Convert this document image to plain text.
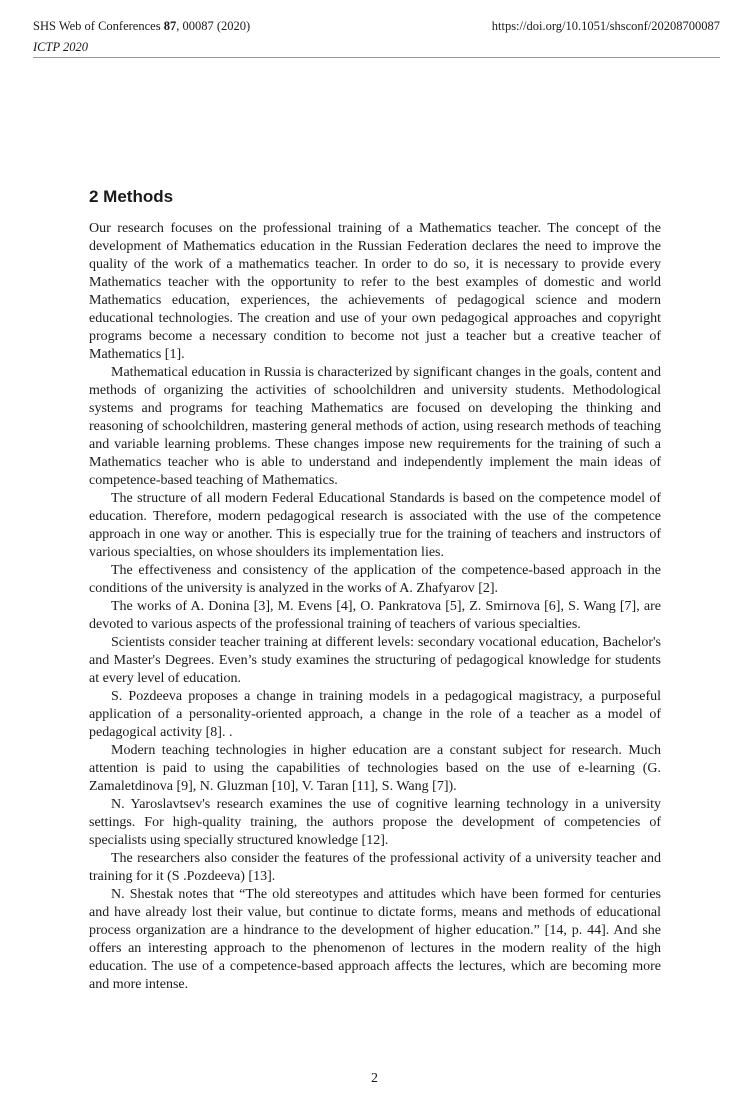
SHS Web of Conferences 87, 00087 (2020)
ICTP 2020
https://doi.org/10.1051/shsconf/20208700087
2 Methods

Our research focuses on the professional training of a Mathematics teacher. The concept of the development of Mathematics education in the Russian Federation declares the need to improve the quality of the work of a mathematics teacher. In order to do so, it is necessary to provide every Mathematics teacher with the opportunity to refer to the best examples of domestic and world Mathematics education, experiences, the achievements of pedagogical science and modern educational technologies. The creation and use of your own pedagogical approaches and copyright programs become a necessary condition to become not just a teacher but a creative teacher of Mathematics [1].

Mathematical education in Russia is characterized by significant changes in the goals, content and methods of organizing the activities of schoolchildren and university students. Methodological systems and programs for teaching Mathematics are focused on developing the thinking and reasoning of schoolchildren, mastering general methods of action, using research methods of teaching and variable learning problems. These changes impose new requirements for the training of such a Mathematics teacher who is able to understand and independently implement the main ideas of competence-based teaching of Mathematics.

The structure of all modern Federal Educational Standards is based on the competence model of education. Therefore, modern pedagogical research is associated with the use of the competence approach in one way or another. This is especially true for the training of teachers and instructors of various specialties, on whose shoulders its implementation lies.

The effectiveness and consistency of the application of the competence-based approach in the conditions of the university is analyzed in the works of A. Zhafyarov [2].

The works of A. Donina [3], M. Evens [4], O. Pankratova [5], Z. Smirnova [6], S. Wang [7], are devoted to various aspects of the professional training of teachers of various specialties.

Scientists consider teacher training at different levels: secondary vocational education, Bachelor's and Master's Degrees. Even’s study examines the structuring of pedagogical knowledge for students at every level of education.

S. Pozdeeva proposes a change in training models in a pedagogical magistracy, a purposeful application of a personality-oriented approach, a change in the role of a teacher as a model of pedagogical activity [8]. .

Modern teaching technologies in higher education are a constant subject for research. Much attention is paid to using the capabilities of technologies based on the use of e-learning (G. Zamaletdinova [9], N. Gluzman [10], V. Taran [11], S. Wang [7]).

N. Yaroslavtsev's research examines the use of cognitive learning technology in a university settings. For high-quality training, the authors propose the development of competencies of specialists using specially structured knowledge [12].

The researchers also consider the features of the professional activity of a university teacher and training for it (S .Pozdeeva) [13].

N. Shestak notes that “The old stereotypes and attitudes which have been formed for centuries and have already lost their value, but continue to dictate forms, means and methods of educational process organization are a hindrance to the development of higher education.” [14, p. 44]. And she offers an interesting approach to the phenomenon of lectures in the modern reality of the high education. The use of a competence-based approach affects the lectures, which are becoming more and more intense.

2
